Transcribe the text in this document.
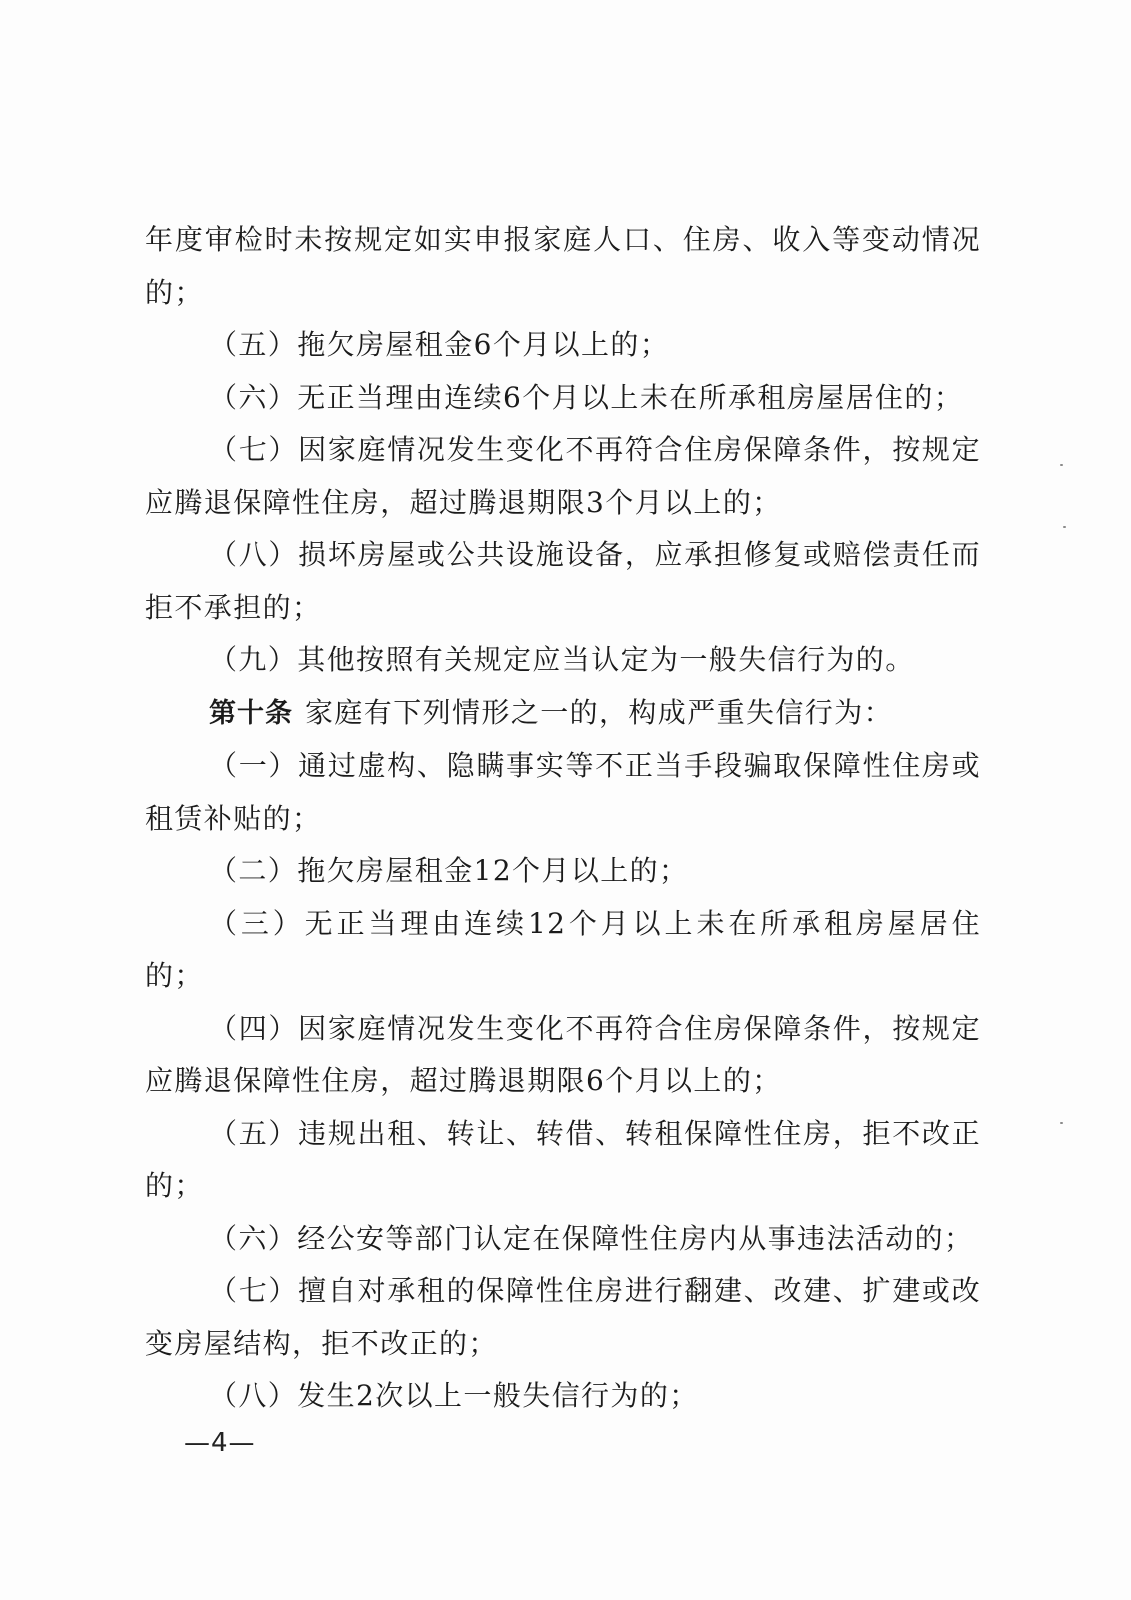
年度审检时未按规定如实申报家庭人口、住房、收入等变动情况的；

（五）拖欠房屋租金6个月以上的；

（六）无正当理由连续6个月以上未在所承租房屋居住的；

（七）因家庭情况发生变化不再符合住房保障条件，按规定应腾退保障性住房，超过腾退期限3个月以上的；

（八）损坏房屋或公共设施设备，应承担修复或赔偿责任而拒不承担的；

（九）其他按照有关规定应当认定为一般失信行为的。

第十条 家庭有下列情形之一的，构成严重失信行为：

（一）通过虚构、隐瞒事实等不正当手段骗取保障性住房或租赁补贴的；

（二）拖欠房屋租金12个月以上的；

（三）无正当理由连续12个月以上未在所承租房屋居住的；

（四）因家庭情况发生变化不再符合住房保障条件，按规定应腾退保障性住房，超过腾退期限6个月以上的；

（五）违规出租、转让、转借、转租保障性住房，拒不改正的；

（六）经公安等部门认定在保障性住房内从事违法活动的；

（七）擅自对承租的保障性住房进行翻建、改建、扩建或改变房屋结构，拒不改正的；

（八）发生2次以上一般失信行为的；

—4—
